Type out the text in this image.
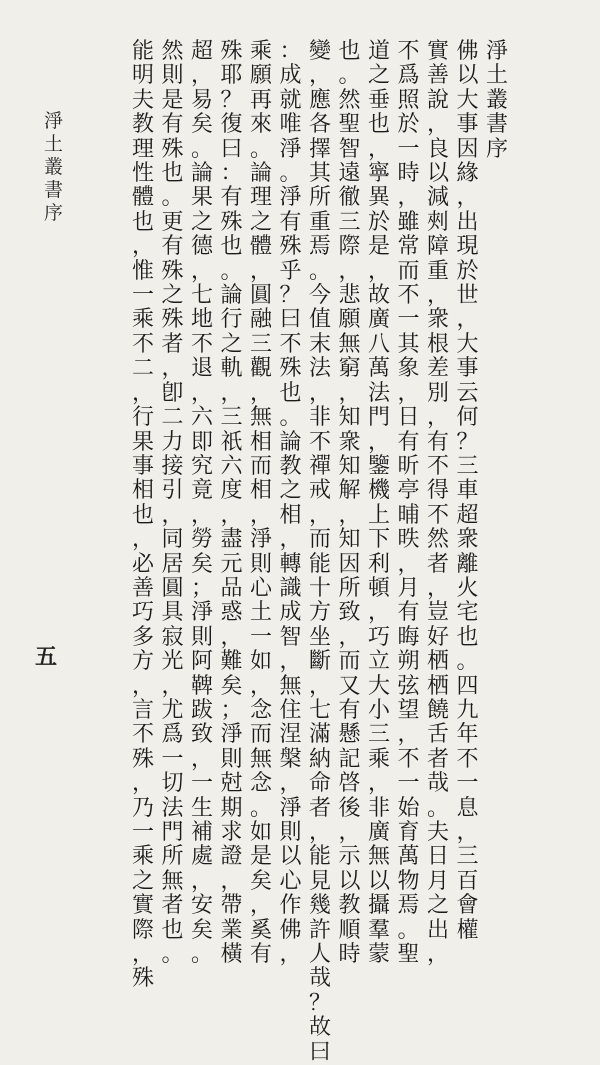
淨土叢書序
佛以大事因緣，出現於世，大事云何？三車超衆離火宅也。四九年不一息，三百會權
實善說，良以減㓨障重，衆根差別，有不得不然者，豈好栖栖饒舌者哉。夫日月之出，
不爲照於一時，雖常而不一其象，日有昕亭晡昳，月有晦朔弦望，不一始育萬物焉。聖
道之垂也，寧異於是，故廣八萬法門，鑒機上下利頓，巧立大小三乘，非廣無以攝羣蒙
也。然聖智遠徹三際，悲願無窮，知衆知解，知因所致，而又有懸記啓後，示以教順時
變，應各擇其所重焉。今值末法，非不禪戒，而能十方坐斷，七滿納命者，能見幾許人哉？故曰
：成就唯淨。淨有殊乎？曰不殊也。論教之相，轉識成智，無住涅槃，淨則以心作佛，
乘願再來。論理之體，圓融三觀，無相而相，淨則心土一如，念而無念。如是矣，奚有
殊耶？復曰：有殊也。論行之軌，三祇六度，盡元品惑，難矣；淨則尅期求證，帶業橫
超，易矣。論果之德，七地不退，六即究竟，勞矣；淨則阿鞞跋致，一生補處，安矣。
然則是有殊也。更有殊之殊者，卽二力接引，同居圓具寂光，尤爲一切法門所無者也。
能明夫教理性體也，惟一乘不二，行果事相也，必善巧多方，言不殊，乃一乘之實際，殊
淨土叢書序
五
